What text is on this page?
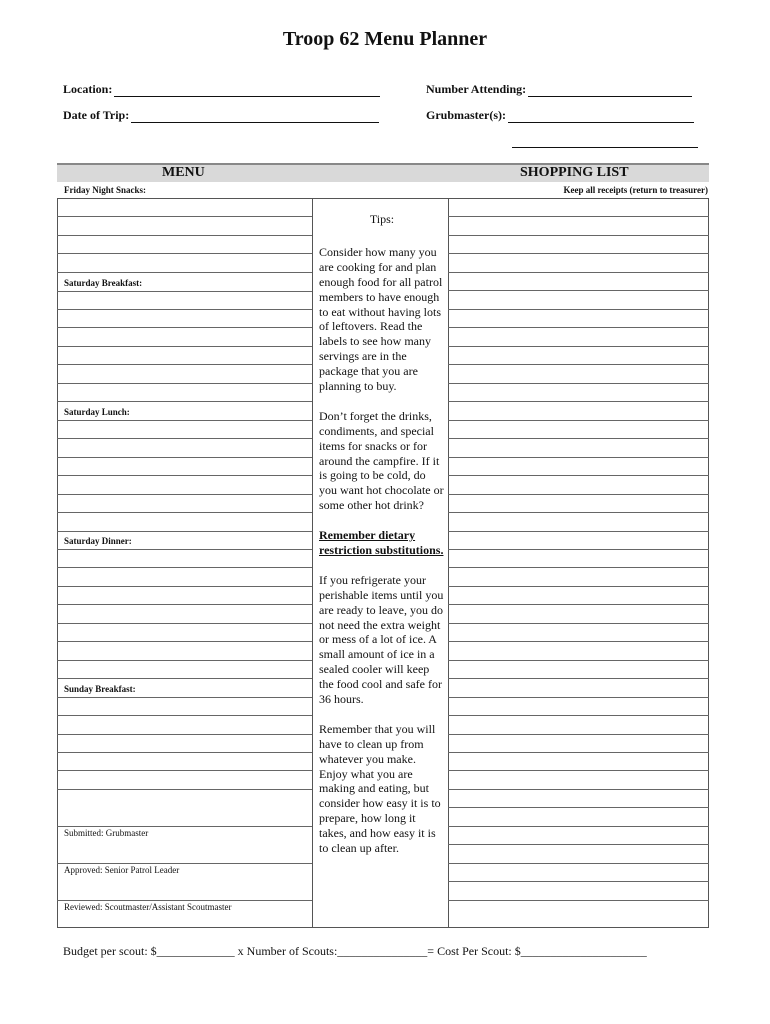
Troop 62 Menu Planner
Location:	Number Attending:
Date of Trip:	Grubmaster(s):
MENU	SHOPPING LIST
Friday Night Snacks:	Keep all receipts (return to treasurer)
Saturday Breakfast:
Saturday Lunch:
Saturday Dinner:
Sunday Breakfast:
Submitted: Grubmaster
Approved: Senior Patrol Leader
Reviewed: Scoutmaster/Assistant Scoutmaster
Tips:

Consider how many you are cooking for and plan enough food for all patrol members to have enough to eat without having lots of leftovers. Read the labels to see how many servings are in the package that you are planning to buy.

Don’t forget the drinks, condiments, and special items for snacks or for around the campfire. If it is going to be cold, do you want hot chocolate or some other hot drink?

Remember dietary restriction substitutions.

If you refrigerate your perishable items until you are ready to leave, you do not need the extra weight or mess of a lot of ice. A small amount of ice in a sealed cooler will keep the food cool and safe for 36 hours.

Remember that you will have to clean up from whatever you make. Enjoy what you are making and eating, but consider how easy it is to prepare, how long it takes, and how easy it is to clean up after.

Budget per scout: $_____________ x Number of Scouts:_______________= Cost Per Scout: $_____________________
